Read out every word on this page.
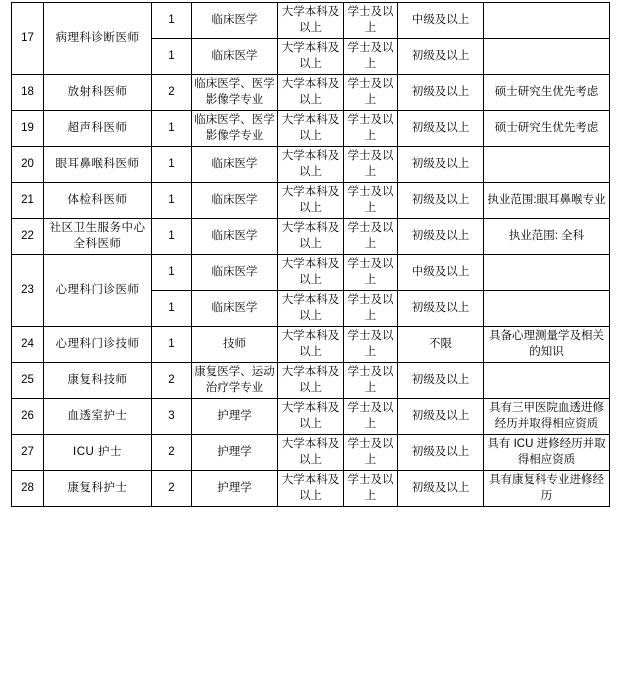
17	病理科诊断医师	1	临床医学	大学本科及以上	学士及以上	中级及以上	
		1	临床医学	大学本科及以上	学士及以上	初级及以上	
18	放射科医师	2	临床医学、医学影像学专业	大学本科及以上	学士及以上	初级及以上	硕士研究生优先考虑
19	超声科医师	1	临床医学、医学影像学专业	大学本科及以上	学士及以上	初级及以上	硕士研究生优先考虑
20	眼耳鼻喉科医师	1	临床医学	大学本科及以上	学士及以上	初级及以上	
21	体检科医师	1	临床医学	大学本科及以上	学士及以上	初级及以上	执业范围:眼耳鼻喉专业
22	社区卫生服务中心全科医师	1	临床医学	大学本科及以上	学士及以上	初级及以上	执业范围: 全科
23	心理科门诊医师	1	临床医学	大学本科及以上	学士及以上	中级及以上	
		1	临床医学	大学本科及以上	学士及以上	初级及以上	
24	心理科门诊技师	1	技师	大学本科及以上	学士及以上	不限	具备心理测量学及相关的知识
25	康复科技师	2	康复医学、运动治疗学专业	大学本科及以上	学士及以上	初级及以上	
26	血透室护士	3	护理学	大学本科及以上	学士及以上	初级及以上	具有三甲医院血透进修经历并取得相应资质
27	ICU 护士	2	护理学	大学本科及以上	学士及以上	初级及以上	具有 ICU 进修经历并取得相应资质
28	康复科护士	2	护理学	大学本科及以上	学士及以上	初级及以上	具有康复科专业进修经历
